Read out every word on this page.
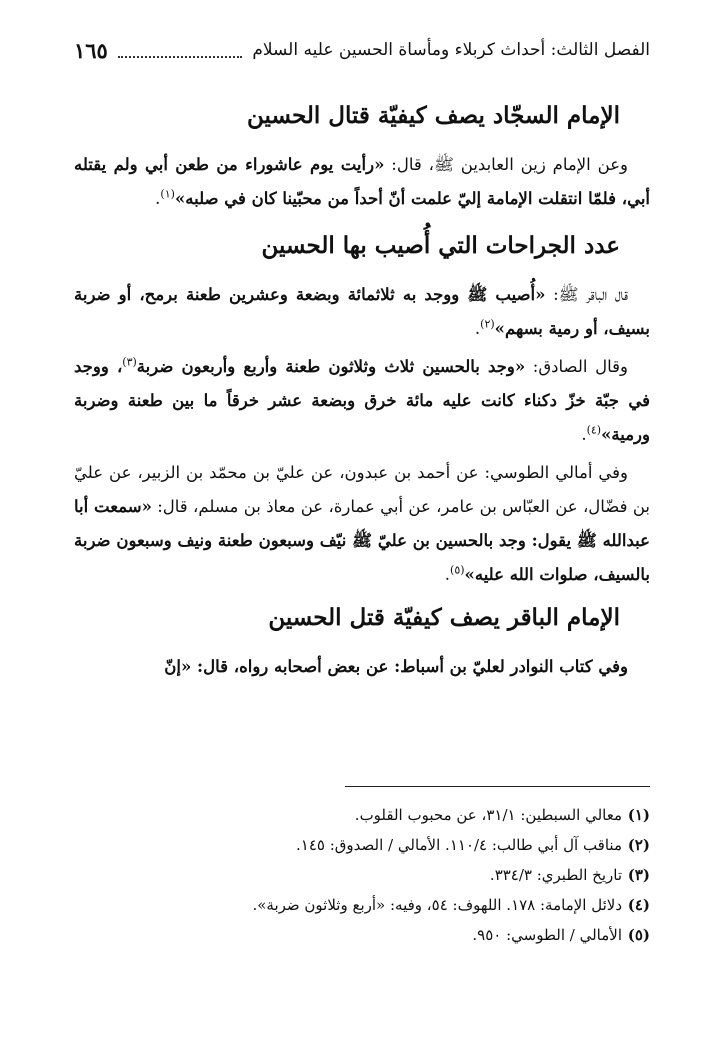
الفصل الثالث: أحداث كربلاء ومأساة الحسين عليه السلام
١٦٥
الإمام السجّاد يصف كيفيّة قتال الحسين

وعن الإمام زين العابدين ﷺ، قال: «رأيت يوم عاشوراء من طعن أبي ولم يقتله أبي، فلمّا انتقلت الإمامة إليّ علمت أنّ أحداً من محبّينا كان في صلبه»$^{(١)}$.

عدد الجراحات التي أُصيب بها الحسين

قال الباقر ﷺ: «أُصيب ﷺ ووجد به ثلاثمائة وبضعة وعشرين طعنة برمح، أو ضربة بسيف، أو رمية بسهم»$^{(٢)}$.

وقال الصادق: «وجد بالحسين ثلاث وثلاثون طعنة وأربع وأربعون ضربة$^{(٣)}$، ووجد في جبّة خزّ دكناء كانت عليه مائة خرق وبضعة عشر خرقاً ما بين طعنة وضربة ورمية»$^{(٤)}$.

وفي أمالي الطوسي: عن أحمد بن عبدون، عن عليّ بن محمّد بن الزبير، عن عليّ بن فضّال، عن العبّاس بن عامر، عن أبي عمارة، عن معاذ بن مسلم، قال: «سمعت أبا عبدالله ﷺ يقول: وجد بالحسين بن عليّ ﷺ نيّف وسبعون طعنة ونيف وسبعون ضربة بالسيف، صلوات الله عليه»$^{(٥)}$.

الإمام الباقر يصف كيفيّة قتل الحسين

وفي كتاب النوادر لعليّ بن أسباط: عن بعض أصحابه رواه، قال: «إنّ

(١)
معالي السبطين: ٣١/١، عن محبوب القلوب.
(٢)
مناقب آل أبي طالب: ١١٠/٤. الأمالي / الصدوق: ١٤٥.
(٣)
تاريخ الطبري: ٣٣٤/٣.
(٤)
دلائل الإمامة: ١٧٨. اللهوف: ٥٤، وفيه: «أربع وثلاثون ضربة».
(٥)
الأمالي / الطوسي: ٩٥٠.
